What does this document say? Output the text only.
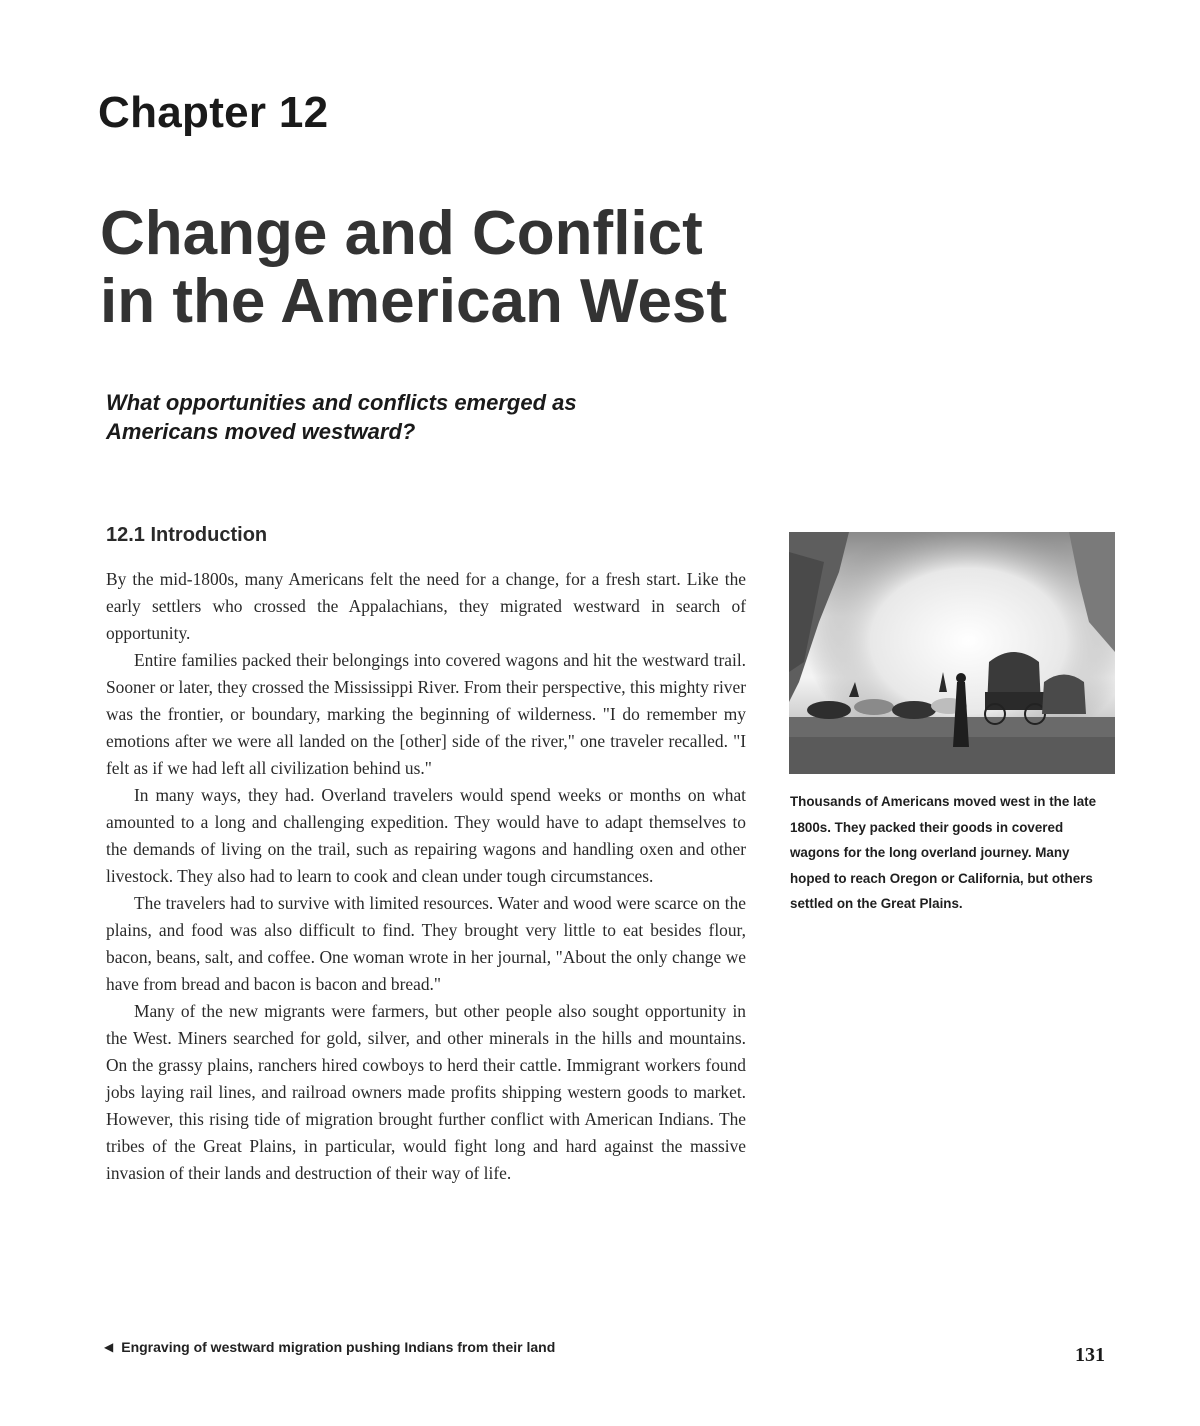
Chapter 12
Change and Conflict
in the American West

What opportunities and conflicts emerged as
Americans moved westward?

12.1 Introduction

By the mid-1800s, many Americans felt the need for a change, for a fresh start. Like the early settlers who crossed the Appalachians, they migrated westward in search of opportunity.

Entire families packed their belongings into covered wagons and hit the westward trail. Sooner or later, they crossed the Mississippi River. From their perspective, this mighty river was the frontier, or boundary, marking the beginning of wilderness. "I do remember my emotions after we were all landed on the [other] side of the river," one traveler recalled. "I felt as if we had left all civilization behind us."

In many ways, they had. Overland travelers would spend weeks or months on what amounted to a long and challenging expedition. They would have to adapt themselves to the demands of living on the trail, such as repairing wagons and handling oxen and other livestock. They also had to learn to cook and clean under tough circumstances.

The travelers had to survive with limited resources. Water and wood were scarce on the plains, and food was also difficult to find. They brought very little to eat besides flour, bacon, beans, salt, and coffee. One woman wrote in her journal, "About the only change we have from bread and bacon is bacon and bread."

Many of the new migrants were farmers, but other people also sought opportunity in the West. Miners searched for gold, silver, and other minerals in the hills and mountains. On the grassy plains, ranchers hired cowboys to herd their cattle. Immigrant workers found jobs laying rail lines, and railroad owners made profits shipping western goods to market. However, this rising tide of migration brought further conflict with American Indians. The tribes of the Great Plains, in particular, would fight long and hard against the massive invasion of their lands and destruction of their way of life.

Thousands of Americans moved west in the late 1800s. They packed their goods in covered wagons for the long overland journey. Many hoped to reach Oregon or California, but others settled on the Great Plains.

◀ Engraving of westward migration pushing Indians from their land	131
